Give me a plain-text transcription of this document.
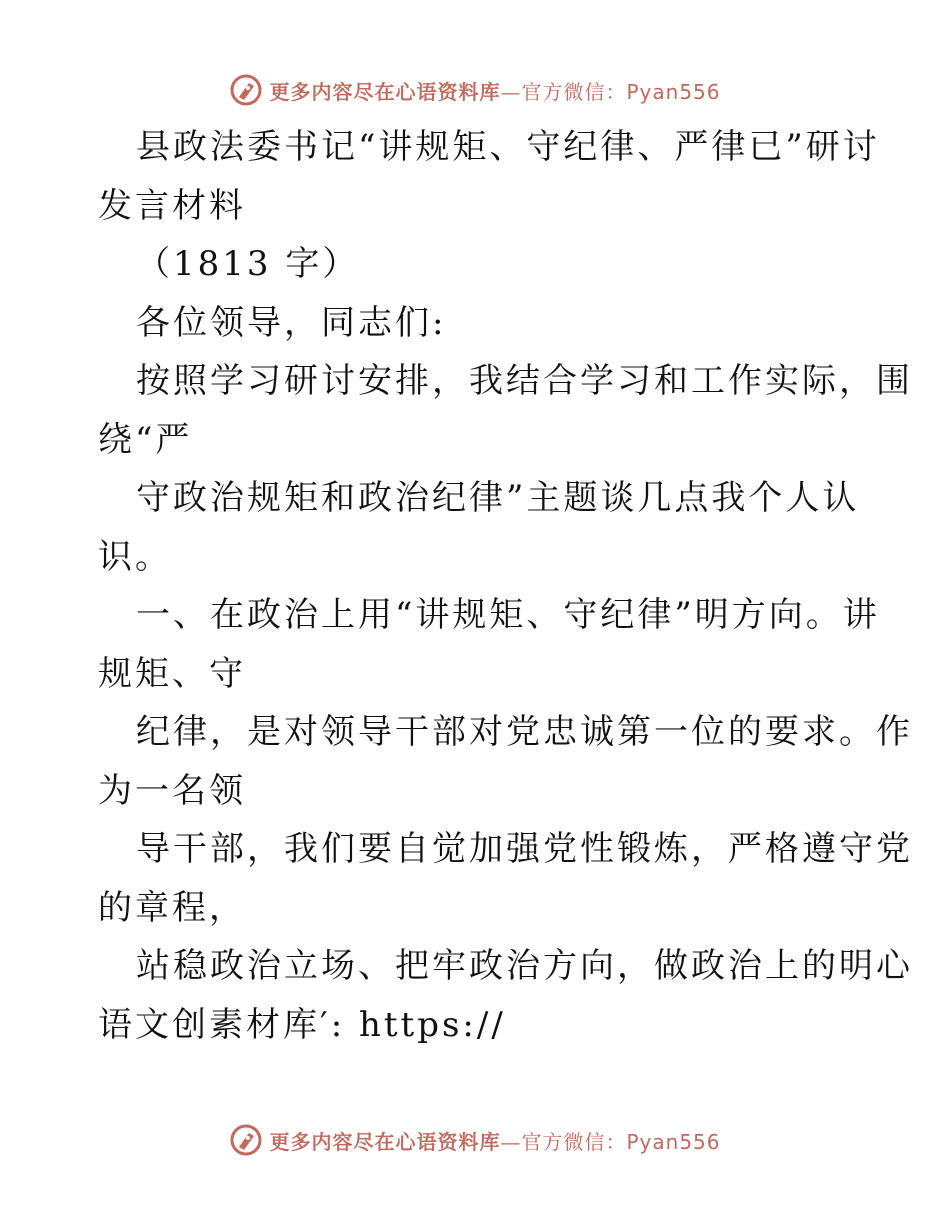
更多内容尽在心语资料库—官方微信：Pyan556
县政法委书记“讲规矩、守纪律、严律已”研讨
发言材料
（1813 字）
各位领导，同志们:
按照学习研讨安排，我结合学习和工作实际，围
绕“严
守政治规矩和政治纪律”主题谈几点我个人认
识。
一、在政治上用“讲规矩、守纪律”明方向。讲
规矩、守
纪律，是对领导干部对党忠诚第一位的要求。作
为一名领
导干部，我们要自觉加强党性锻炼，严格遵守党
的章程，
站稳政治立场、把牢政治方向，做政治上的明心
语文创素材库′: https://
更多内容尽在心语资料库—官方微信：Pyan556
